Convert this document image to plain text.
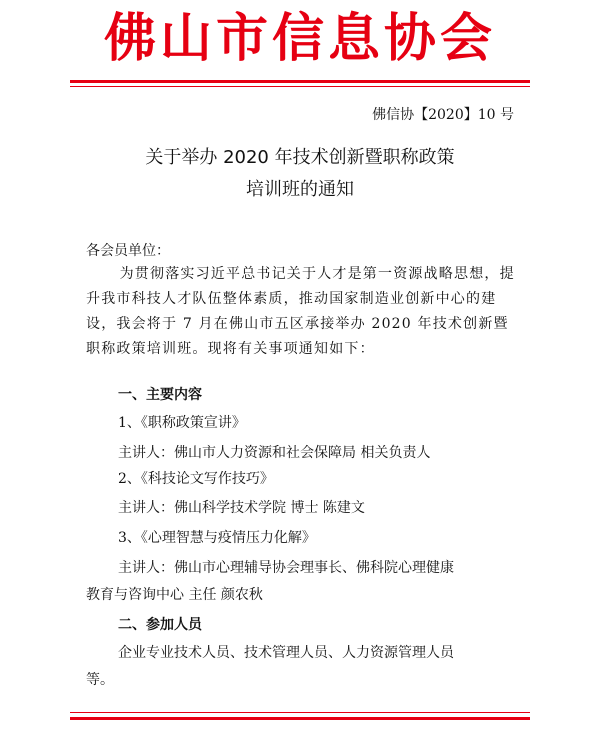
佛山市信息协会
佛信协【2020】10 号
关于举办 2020 年技术创新暨职称政策
培训班的通知
各会员单位：

为贯彻落实习近平总书记关于人才是第一资源战略思想，提升我市科技人才队伍整体素质，推动国家制造业创新中心的建设，我会将于 7 月在佛山市五区承接举办 2020 年技术创新暨职称政策培训班。现将有关事项通知如下：

一、主要内容
1、《职称政策宣讲》
主讲人：佛山市人力资源和社会保障局 相关负责人
2、《科技论文写作技巧》
主讲人：佛山科学技术学院 博士 陈建文
3、《心理智慧与疫情压力化解》
主讲人：佛山市心理辅导协会理事长、佛科院心理健康
教育与咨询中心 主任 颜农秋
二、参加人员
企业专业技术人员、技术管理人员、人力资源管理人员
等。
